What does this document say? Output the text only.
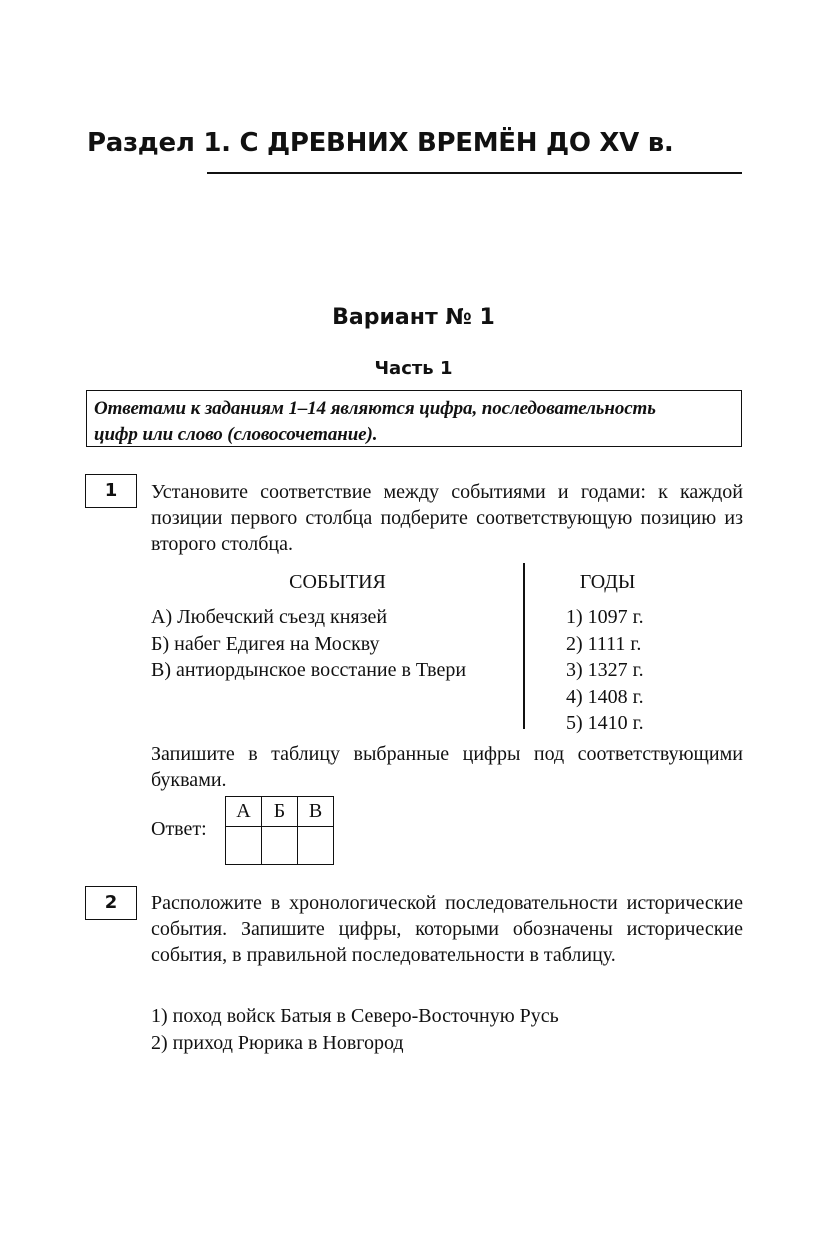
Раздел 1. С ДРЕВНИХ ВРЕМЁН ДО XV в.
Вариант № 1
Часть 1
Ответами к заданиям 1–14 являются цифра, последовательность
цифр или слово (словосочетание).
1	Установите соответствие между событиями и годами: к каждой позиции первого столбца подберите соответствующую позицию из второго столбца.
СОБЫТИЯ	ГОДЫ
А) Любечский съезд князей
Б) набег Едигея на Москву
В) антиордынское восстание в Твери
1) 1097 г.
2) 1111 г.
3) 1327 г.
4) 1408 г.
5) 1410 г.
Запишите в таблицу выбранные цифры под соответствующими буквами.
Ответ:
А	Б	В

2	Расположите в хронологической последовательности исторические события. Запишите цифры, которыми обозначены исторические события, в правильной последовательности в таблицу.
1) поход войск Батыя в Северо-Восточную Русь
2) приход Рюрика в Новгород
